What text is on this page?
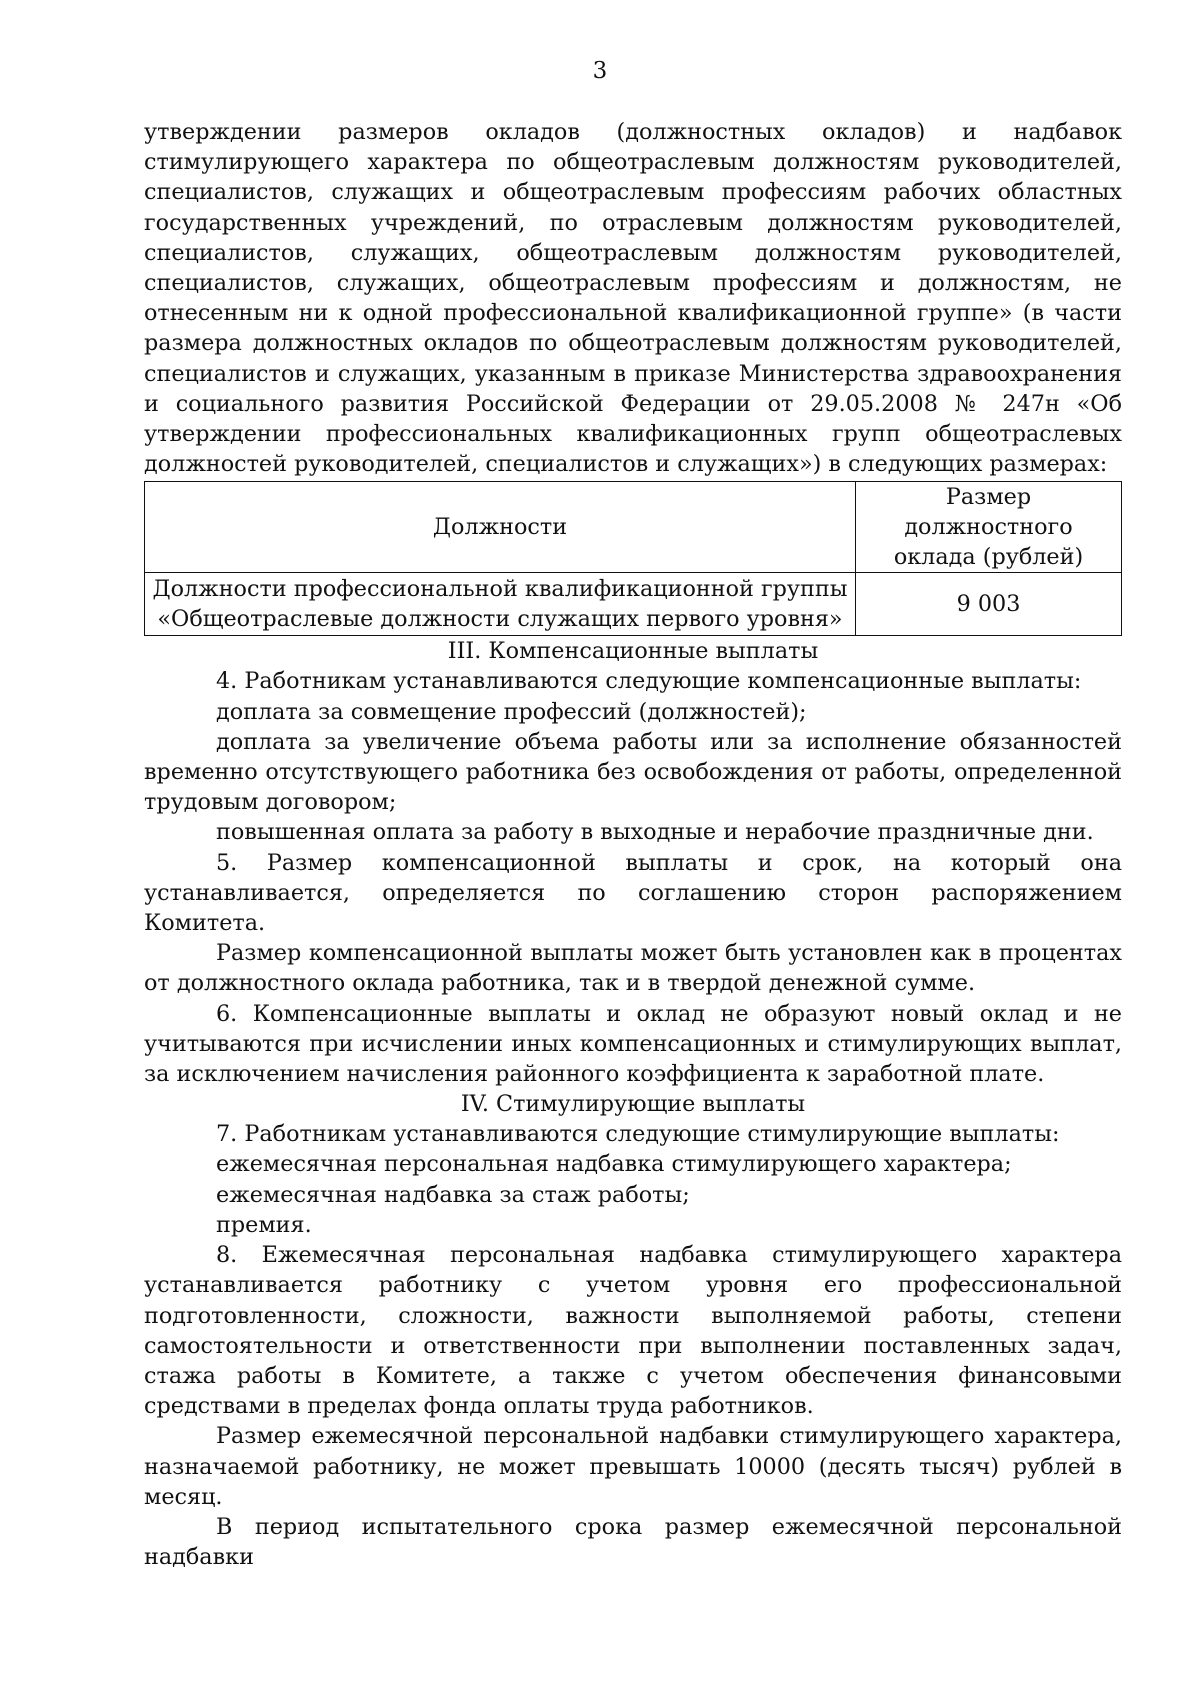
3

утверждении размеров окладов (должностных окладов) и надбавок стимулирующего характера по общеотраслевым должностям руководителей, специалистов, служащих и общеотраслевым профессиям рабочих областных государственных учреждений, по отраслевым должностям руководителей, специалистов, служащих, общеотраслевым должностям руководителей, специалистов, служащих, общеотраслевым профессиям и должностям, не отнесенным ни к одной профессиональной квалификационной группе» (в части размера должностных окладов по общеотраслевым должностям руководителей, специалистов и служащих, указанным в приказе Министерства здравоохранения и социального развития Российской Федерации от 29.05.2008 № 247н «Об утверждении профессиональных квалификационных групп общеотраслевых должностей руководителей, специалистов и служащих») в следующих размерах:

Должности	Размер должностного оклада (рублей)
Должности профессиональной квалификационной группы «Общеотраслевые должности служащих первого уровня»	9 003
III. Компенсационные выплаты

4. Работникам устанавливаются следующие компенсационные выплаты:

доплата за совмещение профессий (должностей);

доплата за увеличение объема работы или за исполнение обязанностей временно отсутствующего работника без освобождения от работы, определенной трудовым договором;

повышенная оплата за работу в выходные и нерабочие праздничные дни.

5. Размер компенсационной выплаты и срок, на который она устанавливается, определяется по соглашению сторон распоряжением Комитета.

Размер компенсационной выплаты может быть установлен как в процентах от должностного оклада работника, так и в твердой денежной сумме.

6. Компенсационные выплаты и оклад не образуют новый оклад и не учитываются при исчислении иных компенсационных и стимулирующих выплат, за исключением начисления районного коэффициента к заработной плате.

IV. Стимулирующие выплаты

7. Работникам устанавливаются следующие стимулирующие выплаты:

ежемесячная персональная надбавка стимулирующего характера;

ежемесячная надбавка за стаж работы;

премия.

8. Ежемесячная персональная надбавка стимулирующего характера устанавливается работнику с учетом уровня его профессиональной подготовленности, сложности, важности выполняемой работы, степени самостоятельности и ответственности при выполнении поставленных задач, стажа работы в Комитете, а также с учетом обеспечения финансовыми средствами в пределах фонда оплаты труда работников.

Размер ежемесячной персональной надбавки стимулирующего характера, назначаемой работнику, не может превышать 10000 (десять тысяч) рублей в месяц.

В период испытательного срока размер ежемесячной персональной надбавки
